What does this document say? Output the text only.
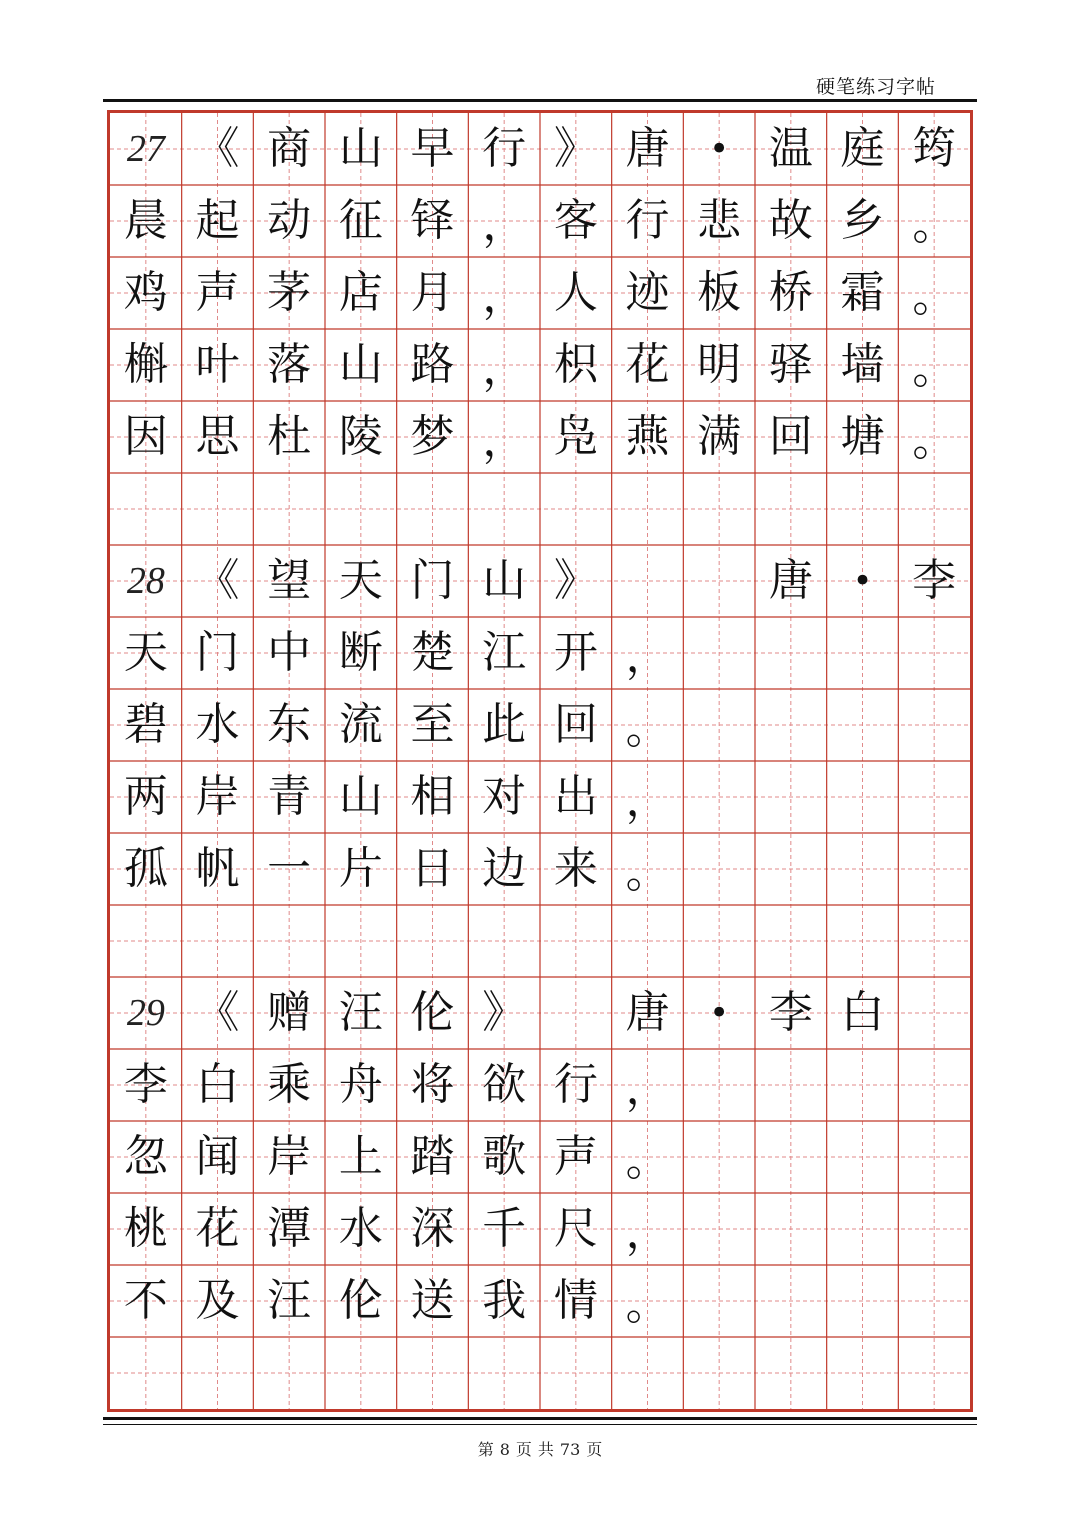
硬笔练习字帖
27 《 商 山 早 行 》 唐	• 温 庭 筠
晨 起 动 征 铎 ， 客 行 悲 故 乡 。
鸡 声 茅 店 月 ， 人 迹 板 桥 霜 。
槲 叶 落 山 路 ， 枳 花 明 驿 墙 。
因 思 杜 陵 梦 ， 凫 燕 满 回 塘 。
28 《 望 天 门 山 》	唐	• 李
天 门 中 断 楚 江 开 ，
碧 水 东 流 至 此 回 。
两 岸 青 山 相 对 出 ，
孤 帆 一 片 日 边 来 。
29 《 赠 汪 伦 》	唐	• 李 白
李 白 乘 舟 将 欲 行 ，
忽 闻 岸 上 踏 歌 声 。
桃 花 潭 水 深 千 尺 ，
不 及 汪 伦 送 我 情 。
第 8 页 共 73 页
